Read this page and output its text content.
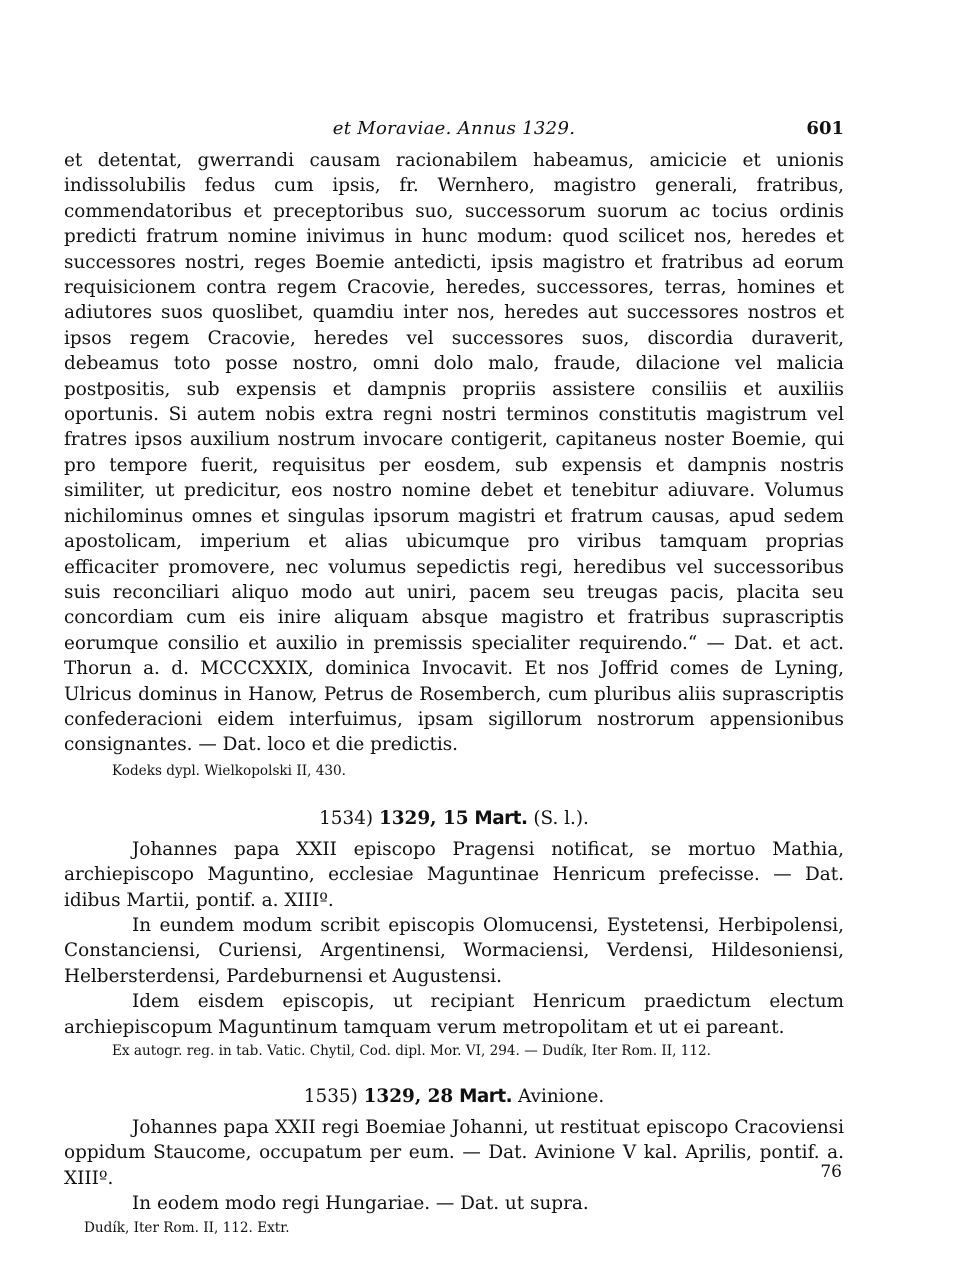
et Moraviae. Annus 1329.	601

et detentat, gwerrandi causam racionabilem habeamus, amicicie et unionis indissolubilis fedus cum ipsis, fr. Wernhero, magistro generali, fratribus, commendatoribus et preceptoribus suo, successorum suorum ac tocius ordinis predicti fratrum nomine inivimus in hunc modum: quod scilicet nos, heredes et successores nostri, reges Boemie antedicti, ipsis magistro et fratribus ad eorum requisicionem contra regem Cracovie, heredes, successores, terras, homines et adiutores suos quoslibet, quamdiu inter nos, heredes aut successores nostros et ipsos regem Cracovie, heredes vel successores suos, discordia duraverit, debeamus toto posse nostro, omni dolo malo, fraude, dilacione vel malicia postpositis, sub expensis et dampnis propriis assistere consiliis et auxiliis oportunis. Si autem nobis extra regni nostri terminos constitutis magistrum vel fratres ipsos auxilium nostrum invocare contigerit, capitaneus noster Boemie, qui pro tempore fuerit, requisitus per eosdem, sub expensis et dampnis nostris similiter, ut predicitur, eos nostro nomine debet et tenebitur adiuvare. Volumus nichilominus omnes et singulas ipsorum magistri et fratrum causas, apud sedem apostolicam, imperium et alias ubicumque pro viribus tamquam proprias efficaciter promovere, nec volumus sepedictis regi, heredibus vel successoribus suis reconciliari aliquo modo aut uniri, pacem seu treugas pacis, placita seu concordiam cum eis inire aliquam absque magistro et fratribus suprascriptis eorumque consilio et auxilio in premissis specialiter requirendo.“ — Dat. et act. Thorun a. d. MCCCXXIX, dominica Invocavit. Et nos Joffrid comes de Lyning, Ulricus dominus in Hanow, Petrus de Rosemberch, cum pluribus aliis suprascriptis confederacioni eidem interfuimus, ipsam sigillorum nostrorum appensionibus consignantes. — Dat. loco et die predictis.

Kodeks dypl. Wielkopolski II, 430.

1534) 1329, 15 Mart. (S. l.).

Johannes papa XXII episcopo Pragensi notificat, se mortuo Mathia, archiepiscopo Maguntino, ecclesiae Maguntinae Henricum prefecisse. — Dat. idibus Martii, pontif. a. XIIIº.

In eundem modum scribit episcopis Olomucensi, Eystetensi, Herbipolensi, Constanciensi, Curiensi, Argentinensi, Wormaciensi, Verdensi, Hildesoniensi, Helbersterdensi, Pardeburnensi et Augustensi.

Idem eisdem episcopis, ut recipiant Henricum praedictum electum archiepiscopum Maguntinum tamquam verum metropolitam et ut ei pareant.

Ex autogr. reg. in tab. Vatic. Chytil, Cod. dipl. Mor. VI, 294. — Dudík, Iter Rom. II, 112.

1535) 1329, 28 Mart. Avinione.

Johannes papa XXII regi Boemiae Johanni, ut restituat episcopo Cracoviensi oppidum Staucome, occupatum per eum. — Dat. Avinione V kal. Aprilis, pontif. a. XIIIº.

In eodem modo regi Hungariae. — Dat. ut supra.

Dudík, Iter Rom. II, 112. Extr.

76
